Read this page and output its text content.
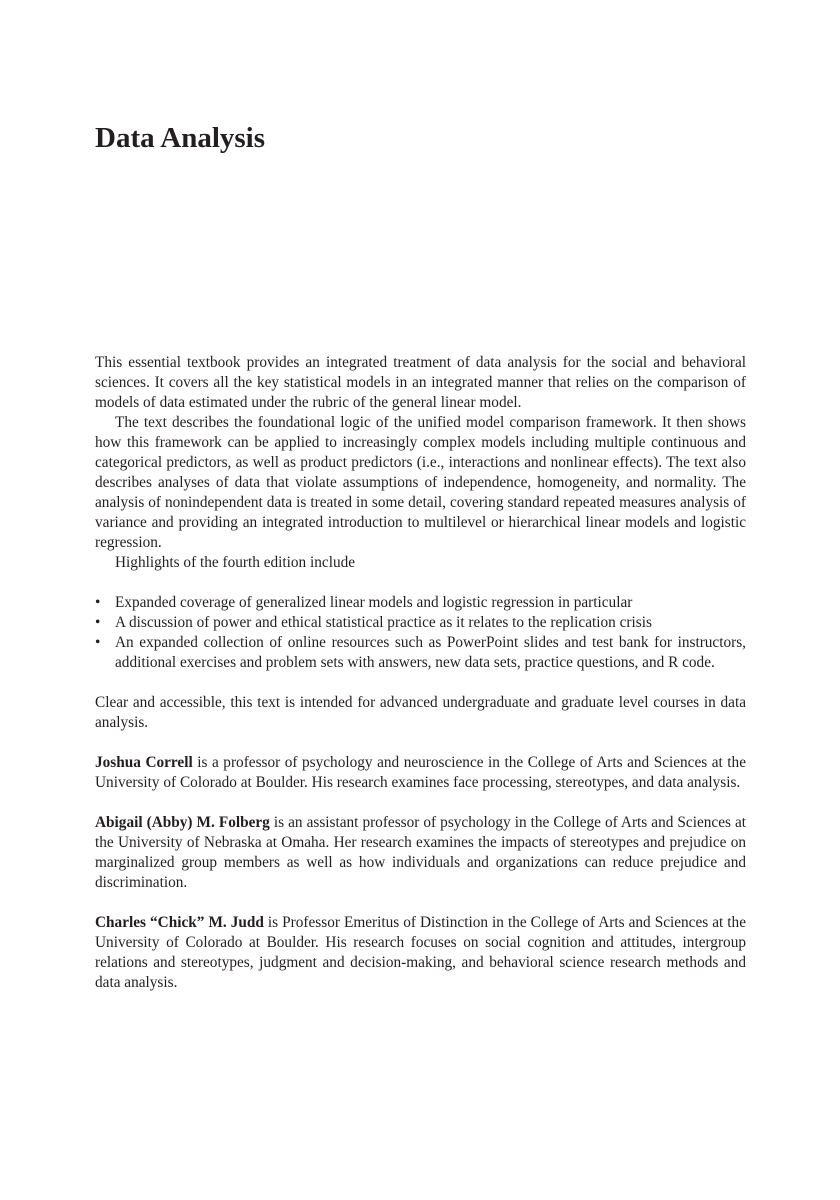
Data Analysis

This essential textbook provides an integrated treatment of data analysis for the social and behavioral sciences. It covers all the key statistical models in an integrated manner that relies on the comparison of models of data estimated under the rubric of the general linear model.

The text describes the foundational logic of the unified model comparison framework. It then shows how this framework can be applied to increasingly complex models including multiple continuous and categorical predictors, as well as product predictors (i.e., interactions and nonlinear effects). The text also describes analyses of data that violate assumptions of independence, homogeneity, and normality. The analysis of nonindependent data is treated in some detail, covering standard repeated measures analysis of variance and providing an integrated introduction to multilevel or hierarchical linear models and logistic regression.

Highlights of the fourth edition include

• Expanded coverage of generalized linear models and logistic regression in particular
• A discussion of power and ethical statistical practice as it relates to the replication crisis
• An expanded collection of online resources such as PowerPoint slides and test bank for instructors, additional exercises and problem sets with answers, new data sets, practice questions, and R code.

Clear and accessible, this text is intended for advanced undergraduate and graduate level courses in data analysis.

Joshua Correll is a professor of psychology and neuroscience in the College of Arts and Sciences at the University of Colorado at Boulder. His research examines face processing, stereotypes, and data analysis.

Abigail (Abby) M. Folberg is an assistant professor of psychology in the College of Arts and Sciences at the University of Nebraska at Omaha. Her research examines the impacts of stereotypes and prejudice on marginalized group members as well as how individuals and organizations can reduce prejudice and discrimination.

Charles “Chick” M. Judd is Professor Emeritus of Distinction in the College of Arts and Sciences at the University of Colorado at Boulder. His research focuses on social cognition and attitudes, intergroup relations and stereotypes, judgment and decision-making, and behavioral science research methods and data analysis.
